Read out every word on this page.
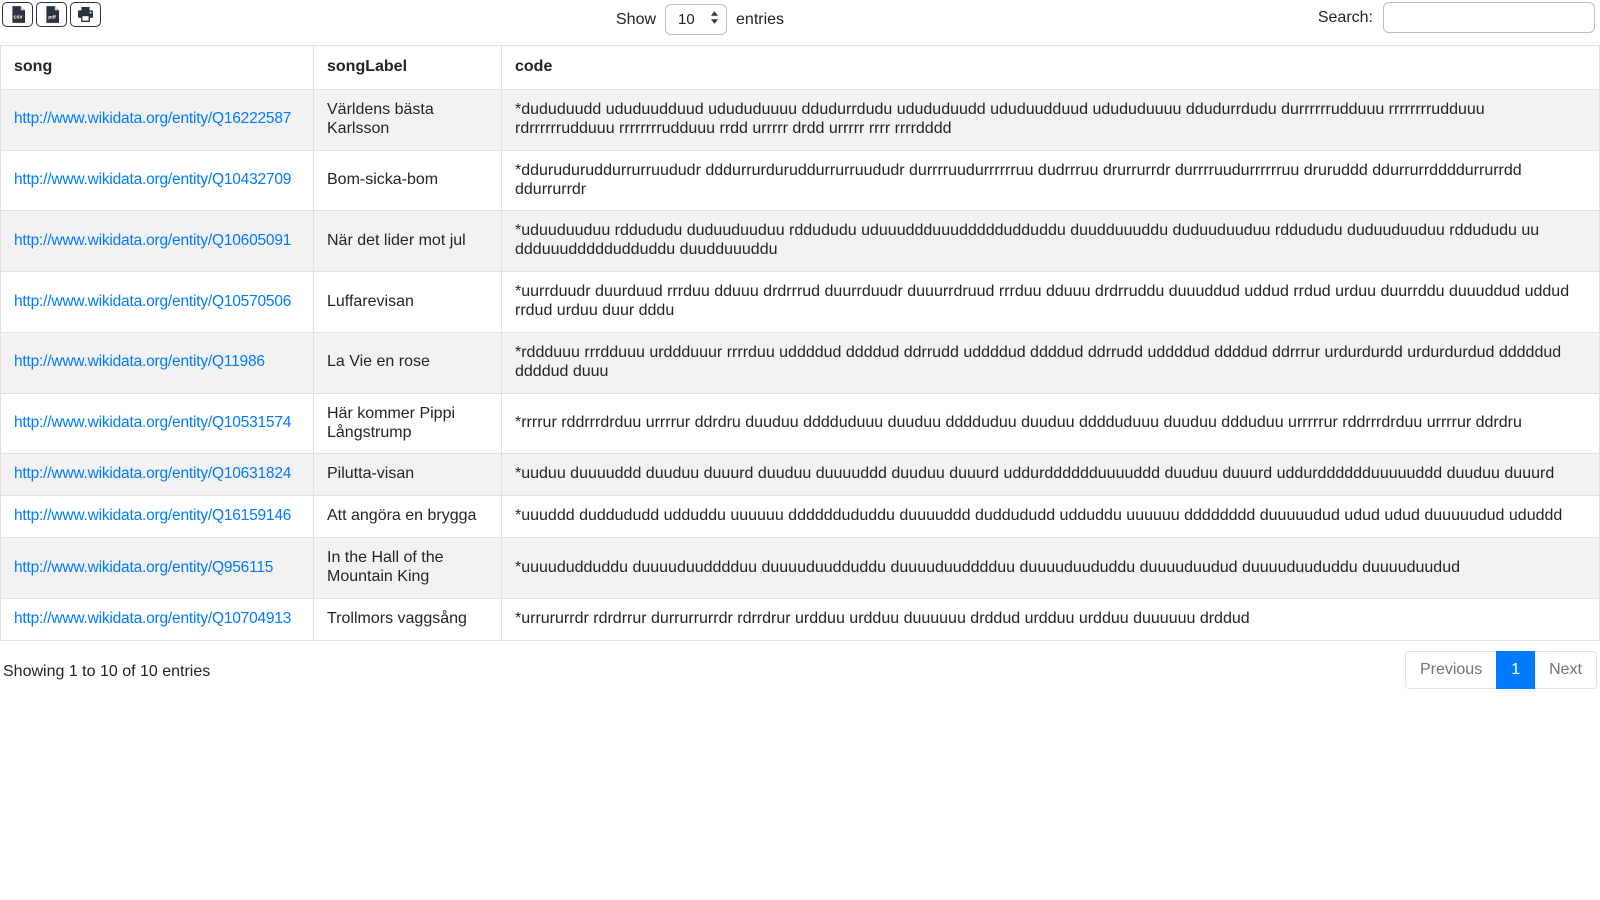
csv	pdf	Show 10	entries	Search:
song	songLabel	code
http://www.wikidata.org/entity/Q16222587	Världens bästa Karlsson	*dududuudd ududuudduud udududuuuu ddudurrdudu udududuudd ududuudduud udududuuuu ddudurrdudu durrrrrrudduuu rrrrrrrrudduuu rdrrrrrrudduuu rrrrrrrrudduuu rrdd urrrrr drdd urrrrr rrrr rrrrdddd
http://www.wikidata.org/entity/Q10432709	Bom-sicka-bom	*dduruduruddurrurruududr dddurrurduruddurrurruududr durrrruudurrrrrruu dudrrruu drurrurrdr durrrruudurrrrrruu druruddd ddurrurrddddurrurrdd ddurrurrdr
http://www.wikidata.org/entity/Q10605091	När det lider mot jul	*uduuduuduu rddududu duduuduuduu rddududu uduuuddduuudddddudduddu duudduuuddu duduuduuduu rddududu duduuduuduu rddududu uu ddduuudddddudduddu duudduuuddu
http://www.wikidata.org/entity/Q10570506	Luffarevisan	*uurrduudr duurduud rrrduu dduuu drdrrrud duurrduudr duuurrdruud rrrduu dduuu drdrruddu duuuddud uddud rrdud urduu duurrddu duuuddud uddud rrdud urduu duur dddu
http://www.wikidata.org/entity/Q11986	La Vie en rose	*rddduuu rrrdduuu urddduuur rrrrduu uddddud ddddud ddrrudd uddddud ddddud ddrrudd uddddud ddddud ddrrrur urdurdurdd urdurdurdud dddddud ddddud duuu
http://www.wikidata.org/entity/Q10531574	Här kommer Pippi Långstrump	*rrrrur rddrrrdrduu urrrrur ddrdru duuduu dddduduuu duuduu dddduduu duuduu dddduduuu duuduu ddduduu urrrrrur rddrrrdrduu urrrrur ddrdru
http://www.wikidata.org/entity/Q10631824	Pilutta-visan	*uuduu duuuuddd duuduu duuurd duuduu duuuuddd duuduu duuurd uddurdddddduuuuddd duuduu duuurd uddurdddddduuuuuddd duuduu duuurd
http://www.wikidata.org/entity/Q16159146	Att angöra en brygga	*uuuddd duddududd udduddu uuuuuu ddddddududdu duuuuddd duddududd udduddu uuuuuu dddddddd duuuuudud udud udud duuuuudud ududdd
http://www.wikidata.org/entity/Q956115	In the Hall of the Mountain King	*uuuududduddu duuuuduudddduu duuuuduudduddu duuuuduudddduu duuuuduududdu duuuuduudud duuuuduududdu duuuuduudud
http://www.wikidata.org/entity/Q10704913	Trollmors vaggsång	*urrururrdr rdrdrrur durrurrurrdr rdrrdrur urdduu urdduu duuuuuu drddud urdduu urdduu duuuuuu drddud
Showing 1 to 10 of 10 entries	Previous	1	Next
